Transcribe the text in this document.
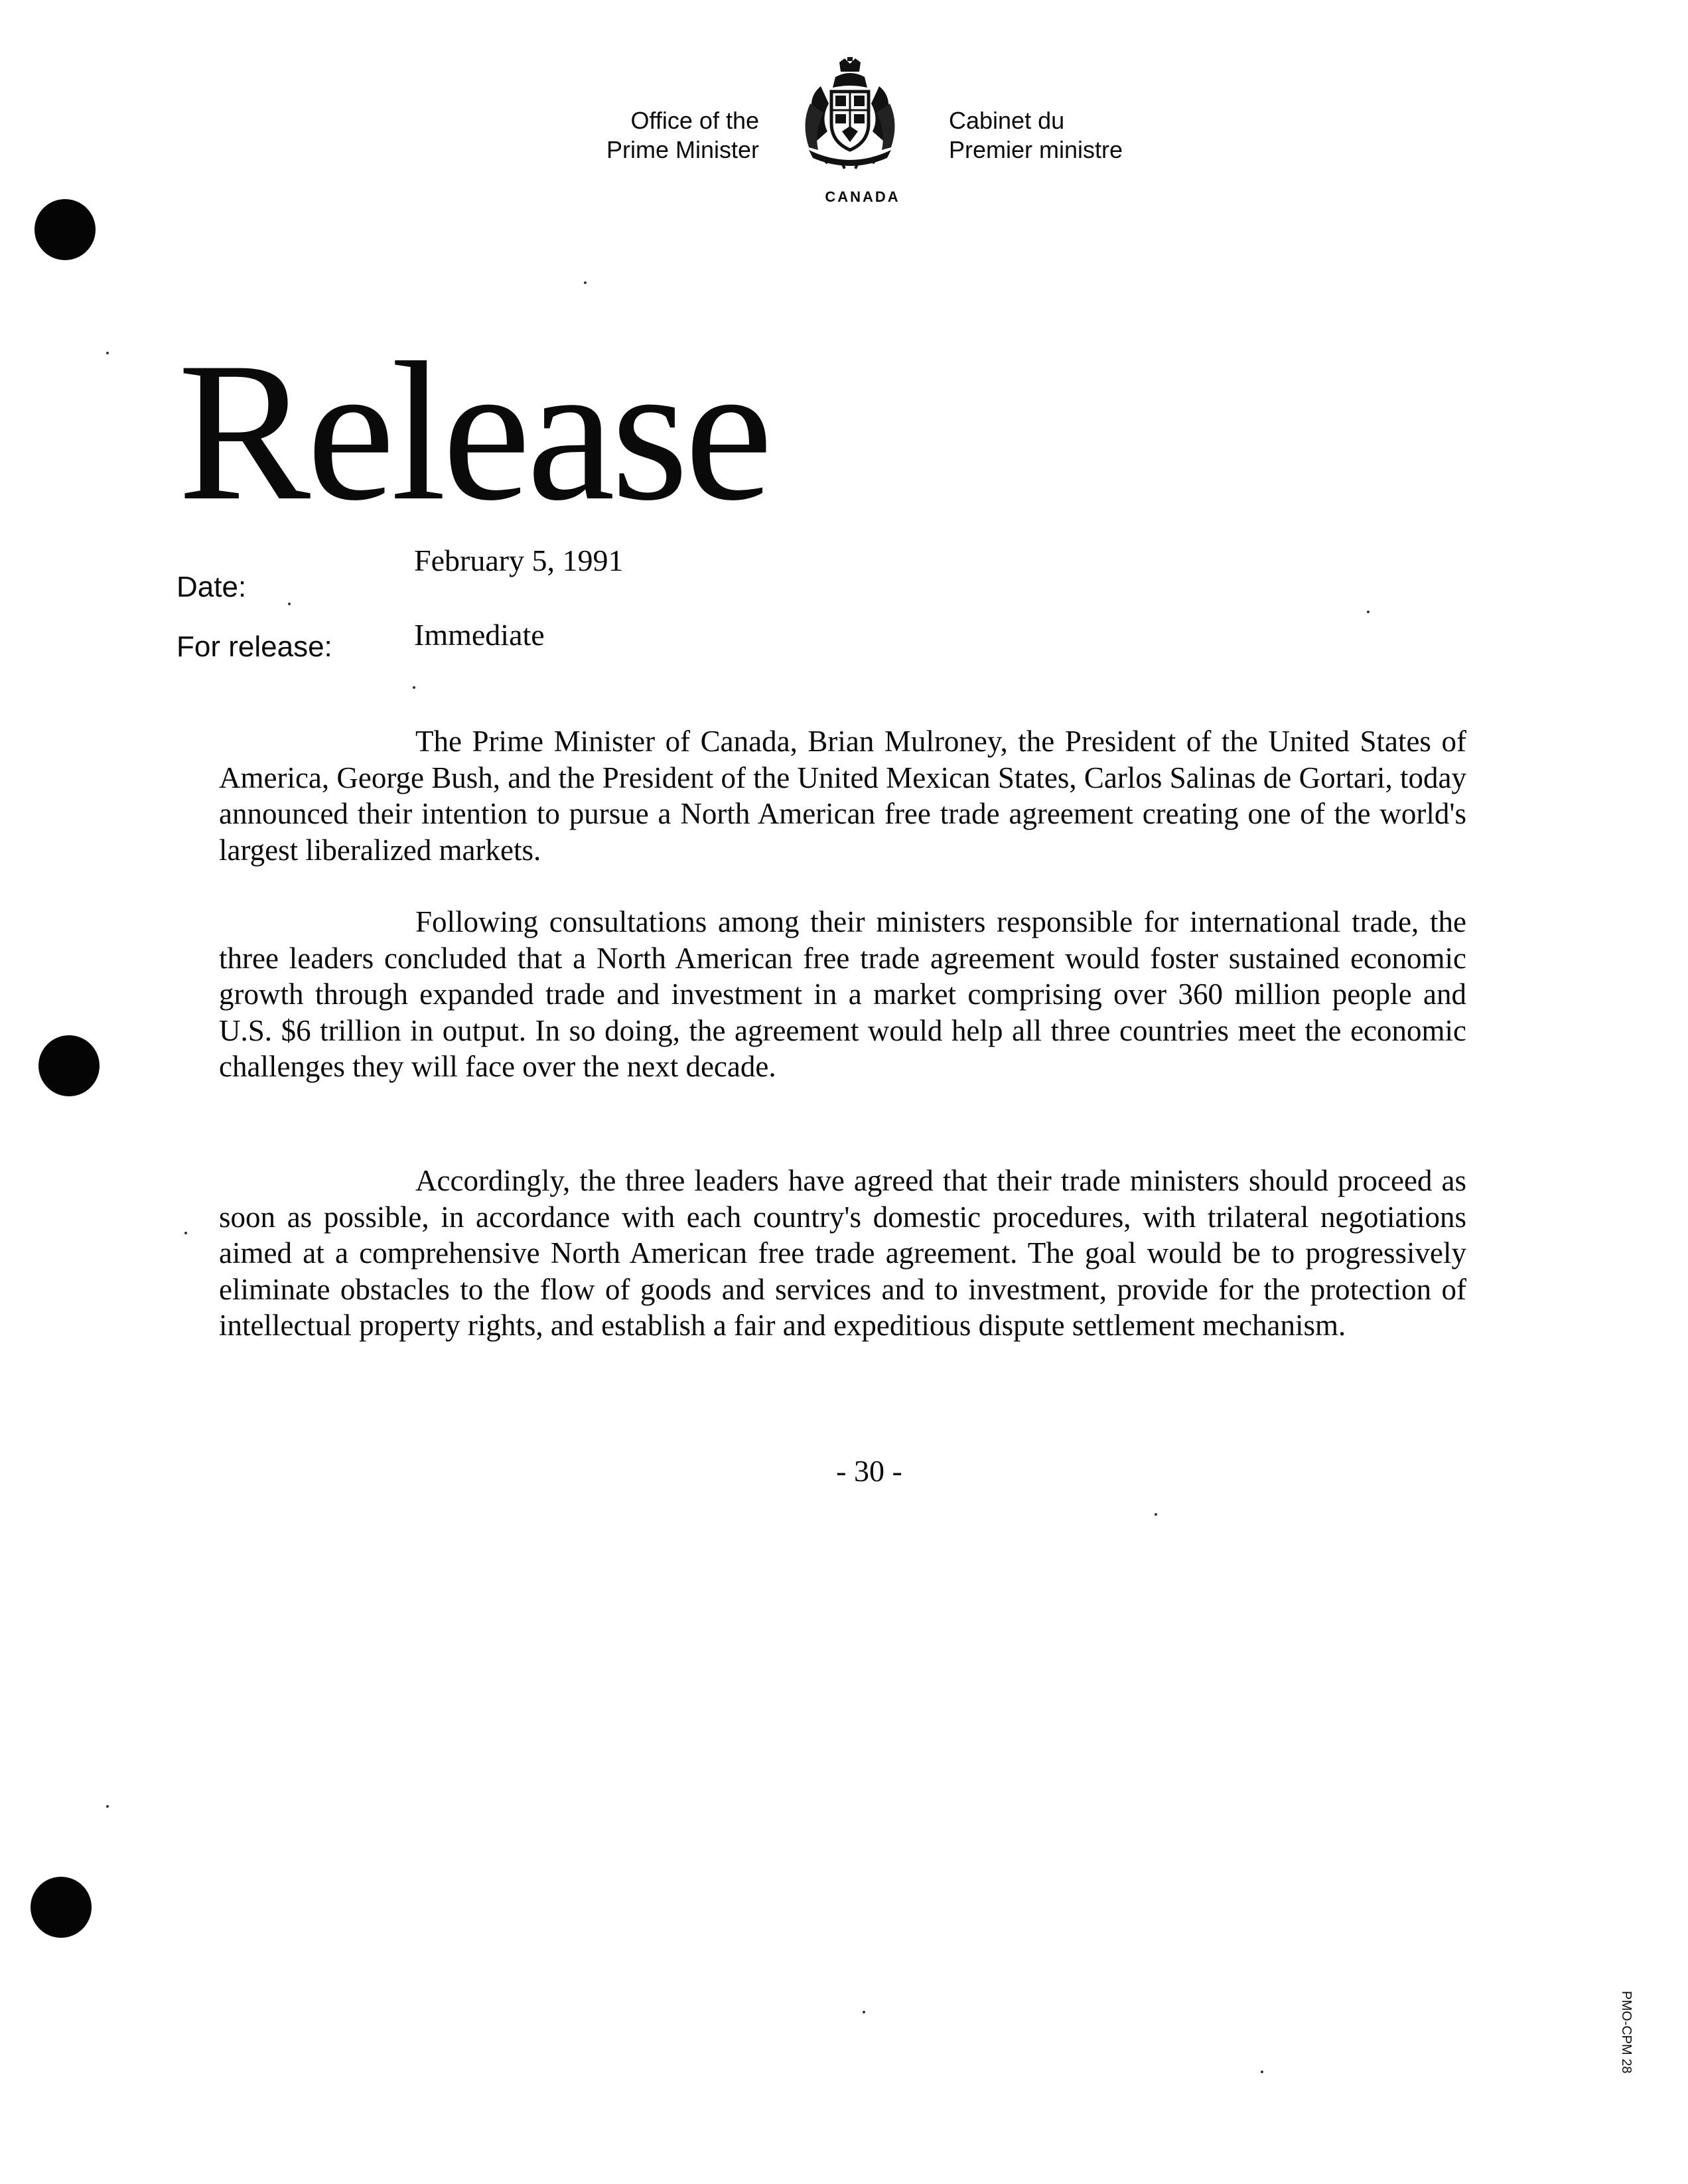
Office of the
Prime Minister
Cabinet du
Premier ministre
CANADA
Release
Date:
February 5, 1991
For release:	Immediate

The Prime Minister of Canada, Brian Mulroney, the President of the United States of America, George Bush, and the President of the United Mexican States, Carlos Salinas de Gortari, today announced their intention to pursue a North American free trade agreement creating one of the world's largest liberalized markets.

Following consultations among their ministers responsible for international trade, the three leaders concluded that a North American free trade agreement would foster sustained economic growth through expanded trade and investment in a market comprising over 360 million people and U.S. $6 trillion in output. In so doing, the agreement would help all three countries meet the economic challenges they will face over the next decade.

Accordingly, the three leaders have agreed that their trade ministers should proceed as soon as possible, in accordance with each country's domestic procedures, with trilateral negotiations aimed at a comprehensive North American free trade agreement. The goal would be to progressively eliminate obstacles to the flow of goods and services and to investment, provide for the protection of intellectual property rights, and establish a fair and expeditious dispute settlement mechanism.

- 30 -
PMO-CPM 28
